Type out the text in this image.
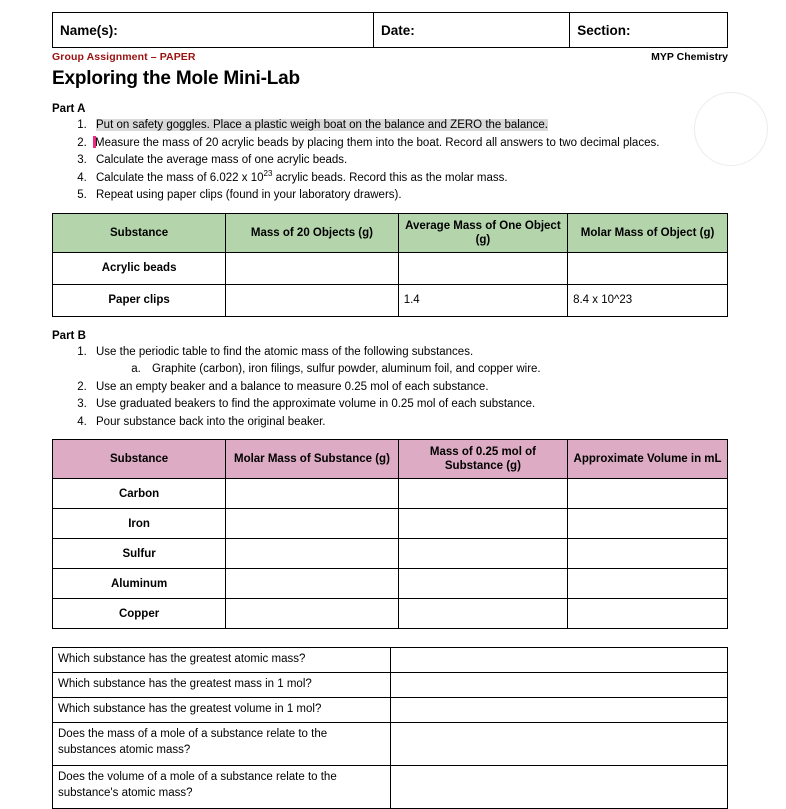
Name(s):	Date:	Section:
Group Assignment – PAPER	MYP Chemistry
Exploring the Mole Mini-Lab
Part A
1. Put on safety goggles. Place a plastic weigh boat on the balance and ZERO the balance.
2. Measure the mass of 20 acrylic beads by placing them into the boat. Record all answers to two decimal places.
3. Calculate the average mass of one acrylic beads.
4. Calculate the mass of 6.022 x $10^{23}$ acrylic beads. Record this as the molar mass.
5. Repeat using paper clips (found in your laboratory drawers).
Substance	Mass of 20 Objects (g)	Average Mass of One Object (g)	Molar Mass of Object (g)
Acrylic beads			
Paper clips		1.4	8.4 x 10^23
Part B
1. Use the periodic table to find the atomic mass of the following substances.
a. Graphite (carbon), iron filings, sulfur powder, aluminum foil, and copper wire.
2. Use an empty beaker and a balance to measure 0.25 mol of each substance.
3. Use graduated beakers to find the approximate volume in 0.25 mol of each substance.
4. Pour substance back into the original beaker.
Substance	Molar Mass of Substance (g)	Mass of 0.25 mol of Substance (g)	Approximate Volume in mL
Carbon			
Iron			
Sulfur			
Aluminum			
Copper			
Which substance has the greatest atomic mass?	
Which substance has the greatest mass in 1 mol?	
Which substance has the greatest volume in 1 mol?	
Does the mass of a mole of a substance relate to the substances atomic mass?	
Does the volume of a mole of a substance relate to the substance's atomic mass?	
